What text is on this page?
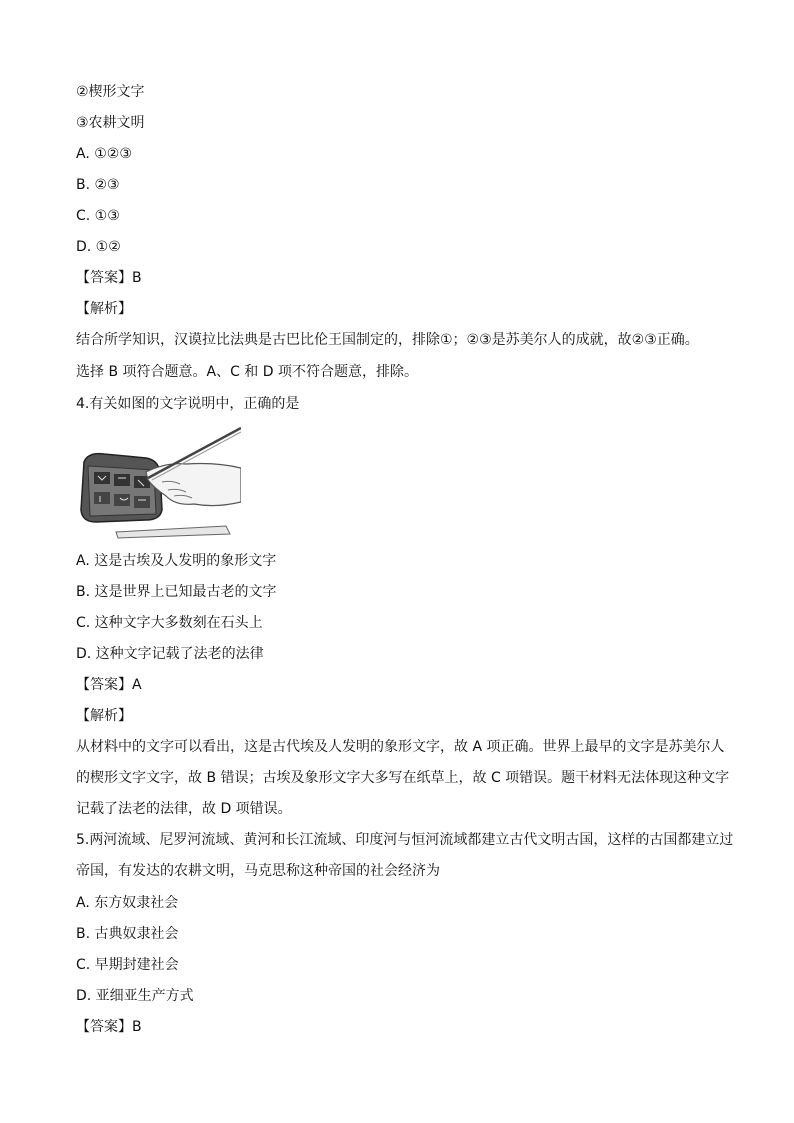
②楔形文字
③农耕文明
A. ①②③
B. ②③
C. ①③
D. ①②
【答案】B
【解析】
结合所学知识，汉谟拉比法典是古巴比伦王国制定的，排除①；②③是苏美尔人的成就，故②③正确。
选择 B 项符合题意。A、C 和 D 项不符合题意，排除。
4.有关如图的文字说明中，正确的是
A. 这是古埃及人发明的象形文字
B. 这是世界上已知最古老的文字
C. 这种文字大多数刻在石头上
D. 这种文字记载了法老的法律
【答案】A
【解析】
从材料中的文字可以看出，这是古代埃及人发明的象形文字，故 A 项正确。世界上最早的文字是苏美尔人
的楔形文字文字，故 B 错误；古埃及象形文字大多写在纸草上，故 C 项错误。题干材料无法体现这种文字
记载了法老的法律，故 D 项错误。
5.两河流域、尼罗河流域、黄河和长江流域、印度河与恒河流域都建立古代文明古国，这样的古国都建立过
帝国，有发达的农耕文明，马克思称这种帝国的社会经济为
A. 东方奴隶社会
B. 古典奴隶社会
C. 早期封建社会
D. 亚细亚生产方式
【答案】B
